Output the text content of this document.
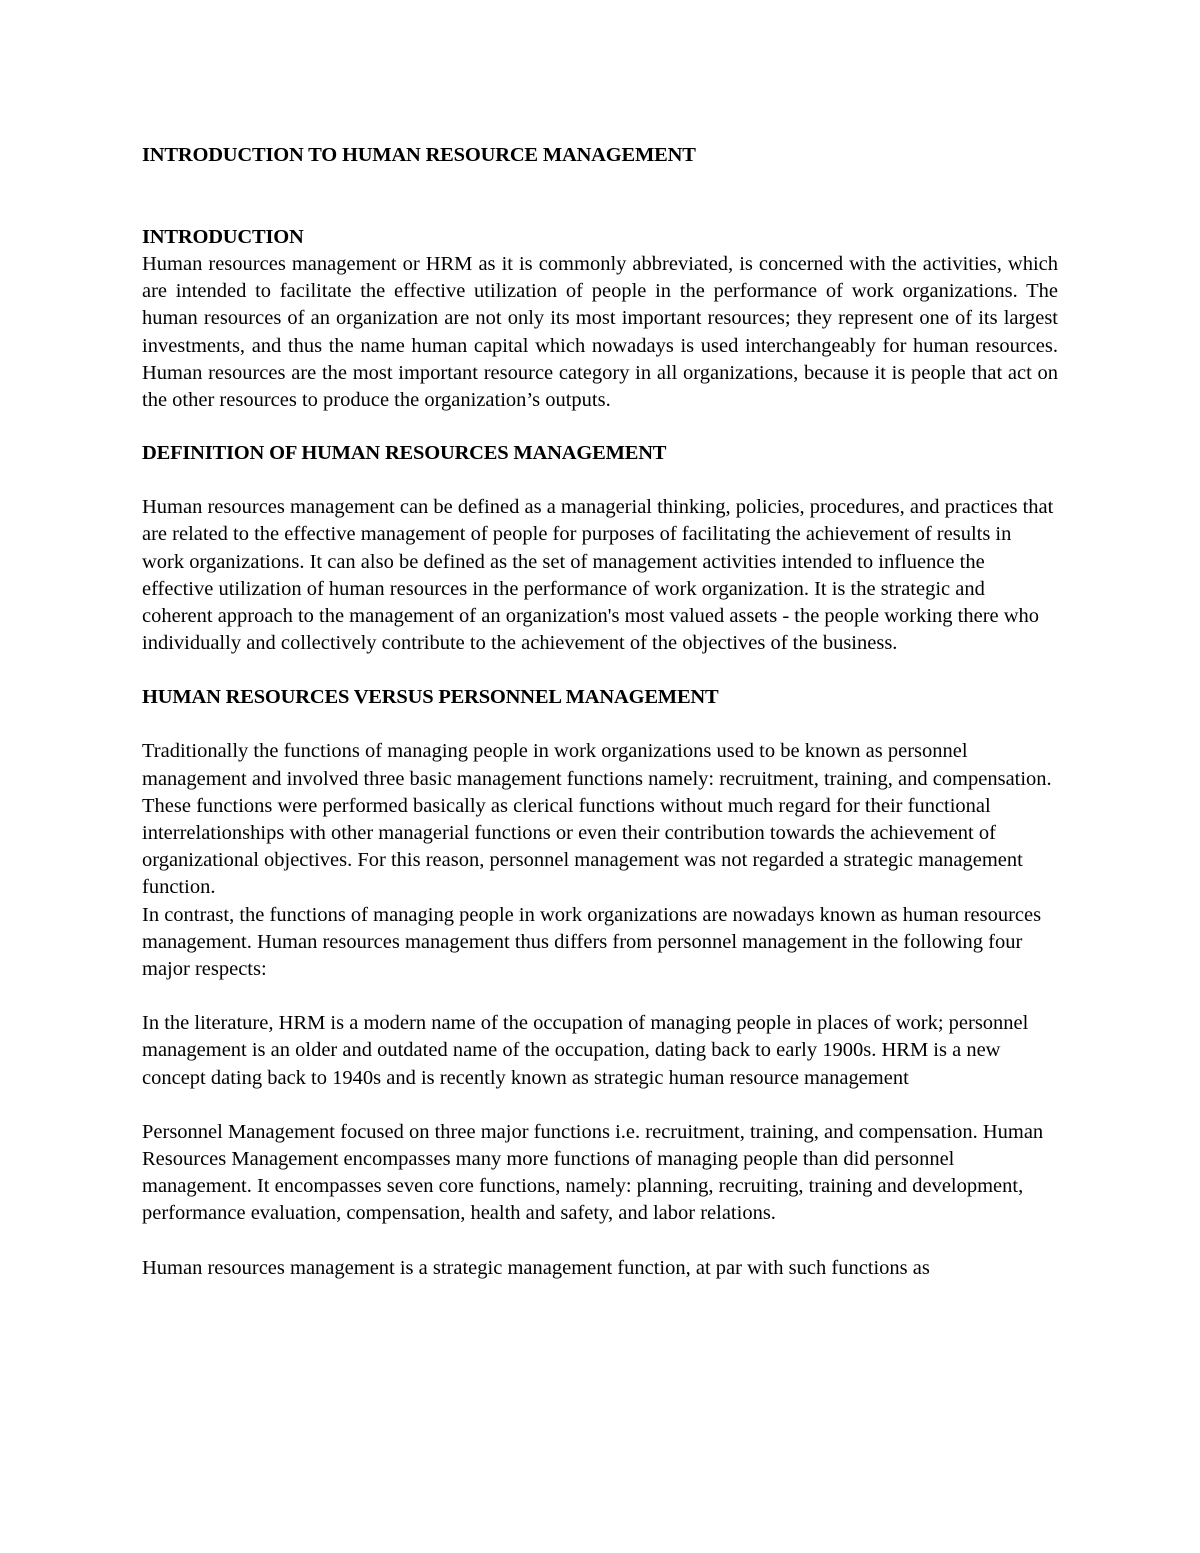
INTRODUCTION TO HUMAN RESOURCE MANAGEMENT

INTRODUCTION

Human resources management or HRM as it is commonly abbreviated, is concerned with the activities, which are intended to facilitate the effective utilization of people in the performance of work organizations. The human resources of an organization are not only its most important resources; they represent one of its largest investments, and thus the name human capital which nowadays is used interchangeably for human resources. Human resources are the most important resource category in all organizations, because it is people that act on the other resources to produce the organization’s outputs.

DEFINITION OF HUMAN RESOURCES MANAGEMENT

Human resources management can be defined as a managerial thinking, policies, procedures, and practices that are related to the effective management of people for purposes of facilitating the achievement of results in work organizations. It can also be defined as the set of management activities intended to influence the effective utilization of human resources in the performance of work organization. It is the strategic and coherent approach to the management of an organization's most valued assets - the people working there who individually and collectively contribute to the achievement of the objectives of the business.

HUMAN RESOURCES VERSUS PERSONNEL MANAGEMENT

Traditionally the functions of managing people in work organizations used to be known as personnel management and involved three basic management functions namely: recruitment, training, and compensation. These functions were performed basically as clerical functions without much regard for their functional interrelationships with other managerial functions or even their contribution towards the achievement of organizational objectives. For this reason, personnel management was not regarded a strategic management function.

In contrast, the functions of managing people in work organizations are nowadays known as human resources management. Human resources management thus differs from personnel management in the following four major respects:

In the literature, HRM is a modern name of the occupation of managing people in places of work; personnel management is an older and outdated name of the occupation, dating back to early 1900s. HRM is a new concept dating back to 1940s and is recently known as strategic human resource management

Personnel Management focused on three major functions i.e. recruitment, training, and compensation. Human Resources Management encompasses many more functions of managing people than did personnel management. It encompasses seven core functions, namely: planning, recruiting, training and development, performance evaluation, compensation, health and safety, and labor relations.

Human resources management is a strategic management function, at par with such functions as
